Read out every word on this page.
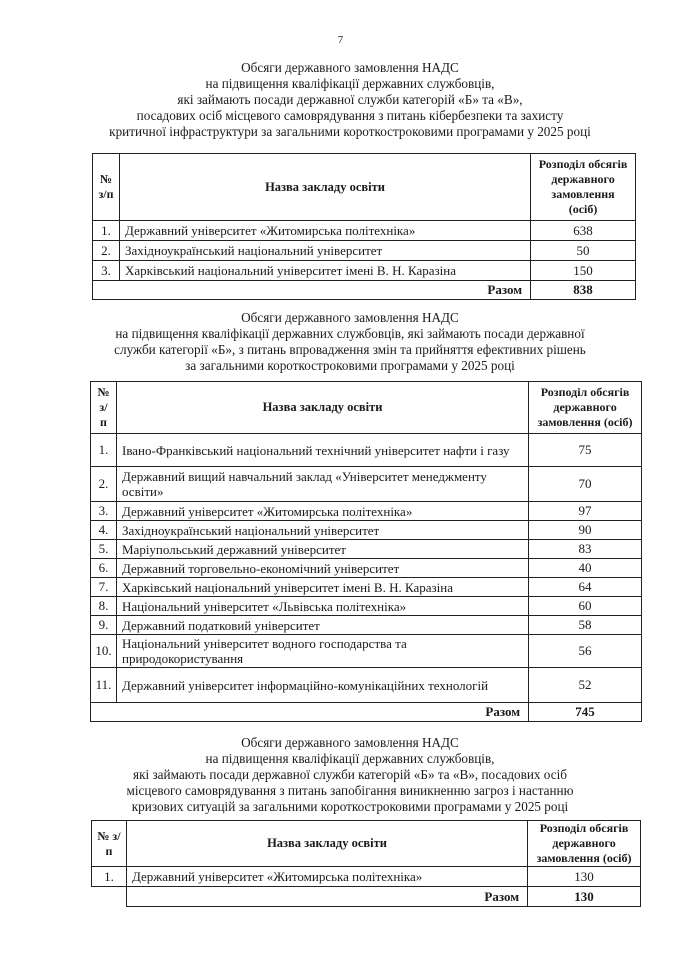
7
Обсяги державного замовлення НАДС
на підвищення кваліфікації державних службовців,
які займають посади державної служби категорій «Б» та «В»,
посадових осіб місцевого самоврядування з питань кібербезпеки та захисту
критичної інфраструктури за загальними короткостроковими програмами у 2025 році
№ з/п	Назва закладу освіти	Розподіл обсягів державного замовлення (осіб)
1.	Державний університет «Житомирська політехніка»	638
2.	Західноукраїнський національний університет	50
3.	Харківський національний університет імені В. Н. Каразіна	150
Разом		838
Обсяги державного замовлення НАДС
на підвищення кваліфікації державних службовців, які займають посади державної
служби категорії «Б», з питань впровадження змін та прийняття ефективних рішень
за загальними короткостроковими програмами у 2025 році
№ з/п	Назва закладу освіти	Розподіл обсягів державного замовлення (осіб)
1.	Івано-Франківський національний технічний університет нафти і газу	75
2.	Державний вищий навчальний заклад «Університет менеджменту освіти»	70
3.	Державний університет «Житомирська політехніка»	97
4.	Західноукраїнський національний університет	90
5.	Маріупольський державний університет	83
6.	Державний торговельно-економічний університет	40
7.	Харківський національний університет імені В. Н. Каразіна	64
8.	Національний університет «Львівська політехніка»	60
9.	Державний податковий університет	58
10.	Національний університет водного господарства та природокористування	56
11.	Державний університет інформаційно-комунікаційних технологій	52
Разом		745
Обсяги державного замовлення НАДС
на підвищення кваліфікації державних службовців,
які займають посади державної служби категорій «Б» та «В», посадових осіб
місцевого самоврядування з питань запобігання виникненню загроз і настанню
кризових ситуацій за загальними короткостроковими програмами у 2025 році
№ з/п	Назва закладу освіти	Розподіл обсягів державного замовлення (осіб)
1.	Державний університет «Житомирська політехніка»	130
	Разом	130
